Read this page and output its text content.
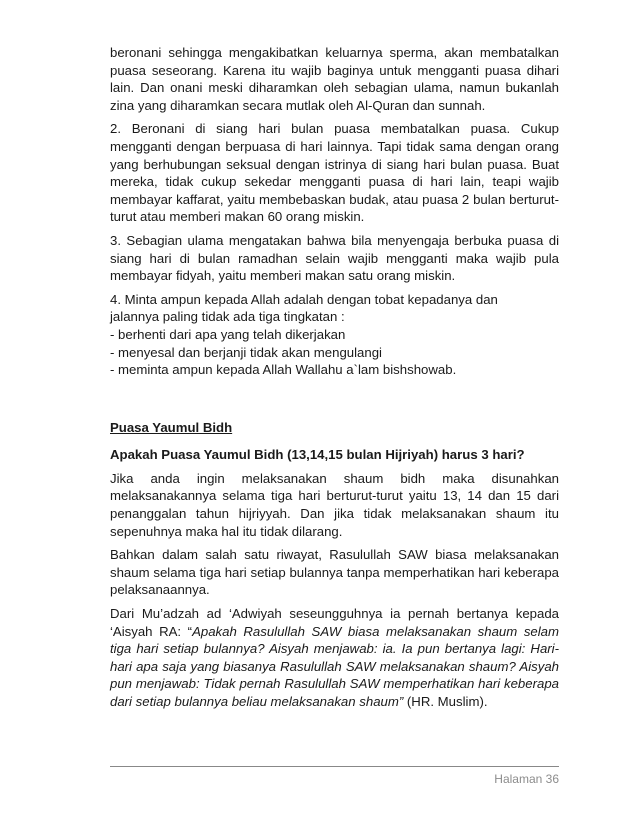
beronani sehingga mengakibatkan keluarnya sperma, akan membatalkan puasa seseorang. Karena itu wajib baginya untuk mengganti puasa dihari lain. Dan onani meski diharamkan oleh sebagian ulama, namun bukanlah zina yang diharamkan secara mutlak oleh Al-Quran dan sunnah.

2. Beronani di siang hari bulan puasa membatalkan puasa. Cukup mengganti dengan berpuasa di hari lainnya. Tapi tidak sama dengan orang yang berhubungan seksual dengan istrinya di siang hari bulan puasa. Buat mereka, tidak cukup sekedar mengganti puasa di hari lain, teapi wajib membayar kaffarat, yaitu membebaskan budak, atau puasa 2 bulan berturut-turut atau memberi makan 60 orang miskin.

3. Sebagian ulama mengatakan bahwa bila menyengaja berbuka puasa di siang hari di bulan ramadhan selain wajib mengganti maka wajib pula membayar fidyah, yaitu memberi makan satu orang miskin.

4. Minta ampun kepada Allah adalah dengan tobat kepadanya dan
jalannya paling tidak ada tiga tingkatan :
- berhenti dari apa yang telah dikerjakan
- menyesal dan berjanji tidak akan mengulangi
- meminta ampun kepada Allah Wallahu a`lam bishshowab.

Puasa Yaumul Bidh

Apakah Puasa Yaumul Bidh (13,14,15 bulan Hijriyah) harus 3 hari?

Jika anda ingin melaksanakan shaum bidh maka disunahkan melaksanakannya selama tiga hari berturut-turut yaitu 13, 14 dan 15 dari penanggalan tahun hijriyyah. Dan jika tidak melaksanakan shaum itu sepenuhnya maka hal itu tidak dilarang.

Bahkan dalam salah satu riwayat, Rasulullah SAW biasa melaksanakan shaum selama tiga hari setiap bulannya tanpa memperhatikan hari keberapa pelaksanaannya.

Dari Mu’adzah ad ‘Adwiyah seseungguhnya ia pernah bertanya kepada ‘Aisyah RA: “Apakah Rasulullah SAW biasa melaksanakan shaum selam tiga hari setiap bulannya? Aisyah menjawab: ia. Ia pun bertanya lagi: Hari-hari apa saja yang biasanya Rasulullah SAW melaksanakan shaum? Aisyah pun menjawab: Tidak pernah Rasulullah SAW memperhatikan hari keberapa dari setiap bulannya beliau melaksanakan shaum” (HR. Muslim).

Halaman 36
